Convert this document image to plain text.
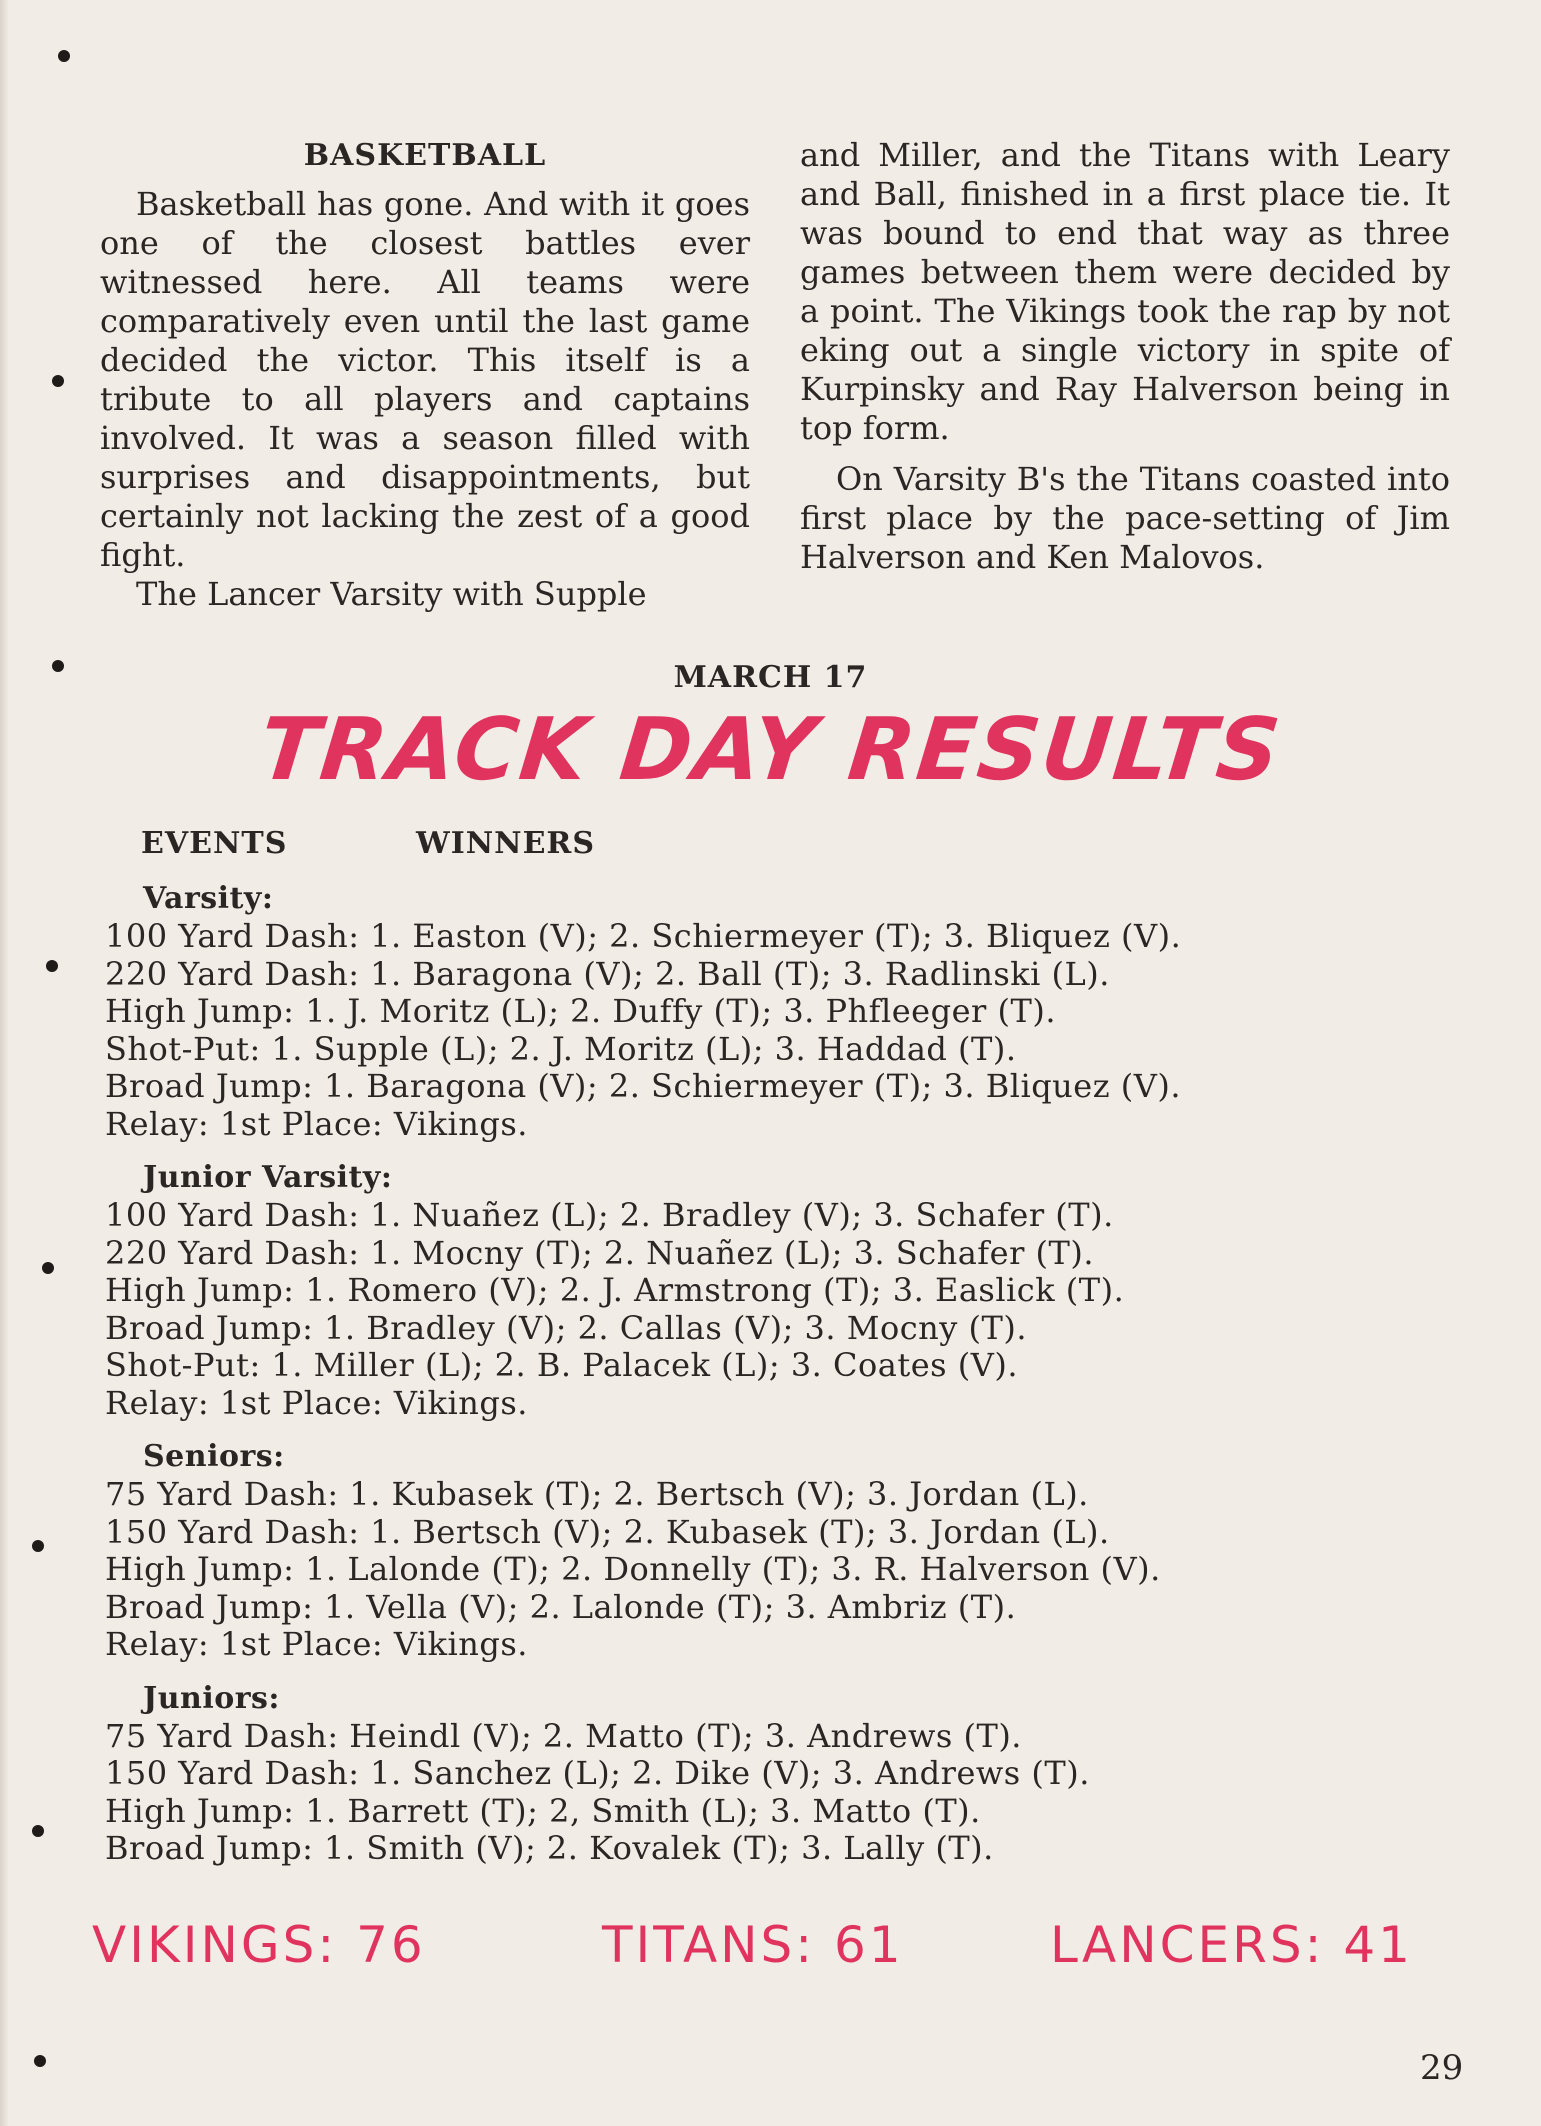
BASKETBALL

Basketball has gone. And with it goes one of the closest battles ever witnessed here. All teams were comparatively even until the last game decided the victor. This itself is a tribute to all players and captains involved. It was a season filled with surprises and disappointments, but certainly not lacking the zest of a good fight.

The Lancer Varsity with Supple

and Miller, and the Titans with Leary and Ball, finished in a first place tie. It was bound to end that way as three games between them were decided by a point. The Vikings took the rap by not eking out a single victory in spite of Kurpinsky and Ray Halverson being in top form.

On Varsity B's the Titans coasted into first place by the pace-setting of Jim Halverson and Ken Malovos.

MARCH 17
TRACK DAY RESULTS
EVENTS	WINNERS
Varsity:
100 Yard Dash: 1. Easton (V); 2. Schiermeyer (T); 3. Bliquez (V).
220 Yard Dash: 1. Baragona (V); 2. Ball (T); 3. Radlinski (L).
High Jump: 1. J. Moritz (L); 2. Duffy (T); 3. Phfleeger (T).
Shot-Put: 1. Supple (L); 2. J. Moritz (L); 3. Haddad (T).
Broad Jump: 1. Baragona (V); 2. Schiermeyer (T); 3. Bliquez (V).
Relay: 1st Place: Vikings.
Junior Varsity:
100 Yard Dash: 1. Nuañez (L); 2. Bradley (V); 3. Schafer (T).
220 Yard Dash: 1. Mocny (T); 2. Nuañez (L); 3. Schafer (T).
High Jump: 1. Romero (V); 2. J. Armstrong (T); 3. Easlick (T).
Broad Jump: 1. Bradley (V); 2. Callas (V); 3. Mocny (T).
Shot-Put: 1. Miller (L); 2. B. Palacek (L); 3. Coates (V).
Relay: 1st Place: Vikings.
Seniors:
75 Yard Dash: 1. Kubasek (T); 2. Bertsch (V); 3. Jordan (L).
150 Yard Dash: 1. Bertsch (V); 2. Kubasek (T); 3. Jordan (L).
High Jump: 1. Lalonde (T); 2. Donnelly (T); 3. R. Halverson (V).
Broad Jump: 1. Vella (V); 2. Lalonde (T); 3. Ambriz (T).
Relay: 1st Place: Vikings.
Juniors:
75 Yard Dash: Heindl (V); 2. Matto (T); 3. Andrews (T).
150 Yard Dash: 1. Sanchez (L); 2. Dike (V); 3. Andrews (T).
High Jump: 1. Barrett (T); 2, Smith (L); 3. Matto (T).
Broad Jump: 1. Smith (V); 2. Kovalek (T); 3. Lally (T).
VIKINGS: 76	TITANS: 61	LANCERS: 41
29
